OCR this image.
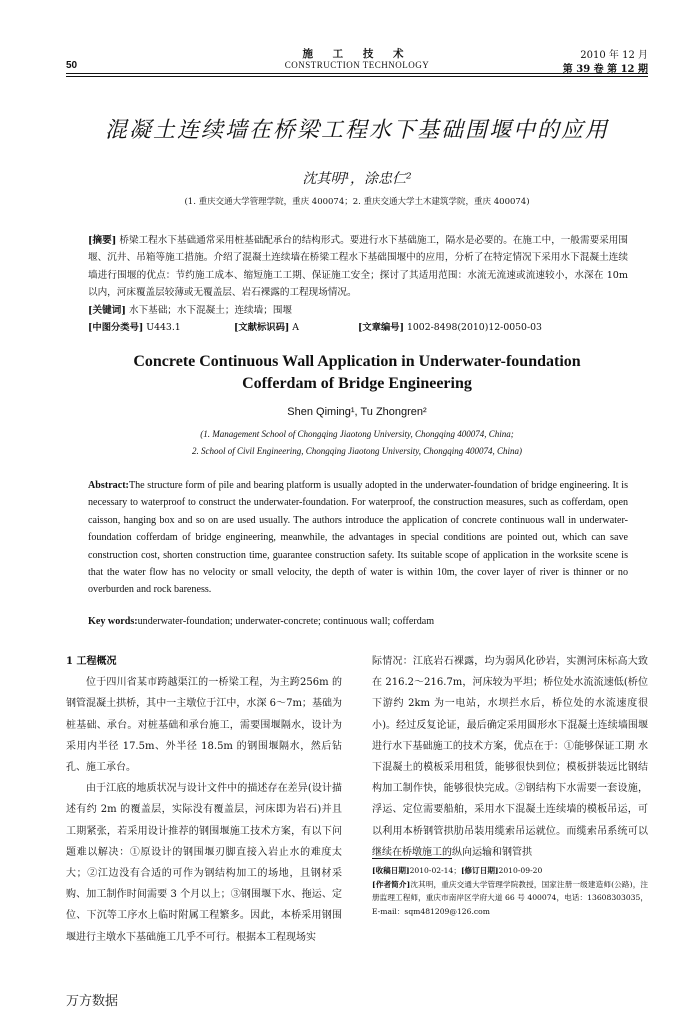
50
施 工 技 术
CONSTRUCTION TECHNOLOGY
2010 年 12 月
第 39 卷 第 12 期
混凝土连续墙在桥梁工程水下基础围堰中的应用
沈其明¹，涂忠仁²
(1. 重庆交通大学管理学院，重庆 400074；2. 重庆交通大学土木建筑学院，重庆 400074)
[摘要] 桥梁工程水下基础通常采用桩基础配承台的结构形式。要进行水下基础施工，隔水是必要的。在施工中，一般需要采用围堰、沉井、吊箱等施工措施。介绍了混凝土连续墙在桥梁工程水下基础围堰中的应用，分析了在特定情况下采用水下混凝土连续墙进行围堰的优点：节约施工成本、缩短施工工期、保证施工安全；探讨了其适用范围：水流无流速或流速较小，水深在 10m 以内，河床覆盖层较薄或无覆盖层、岩石裸露的工程现场情况。
[关键词] 水下基础；水下混凝土；连续墙；围堰
[中图分类号] U443.1	[文献标识码] A	[文章编号] 1002-8498(2010)12-0050-03
Concrete Continuous Wall Application in Underwater-foundation
Cofferdam of Bridge Engineering
Shen Qiming¹, Tu Zhongren²
(1. Management School of Chongqing Jiaotong University, Chongqing 400074, China;
2. School of Civil Engineering, Chongqing Jiaotong University, Chongqing 400074, China)
Abstract:The structure form of pile and bearing platform is usually adopted in the underwater-foundation of bridge engineering. It is necessary to waterproof to construct the underwater-foundation. For waterproof, the construction measures, such as cofferdam, open caisson, hanging box and so on are used usually. The authors introduce the application of concrete continuous wall in underwater-foundation cofferdam of bridge engineering, meanwhile, the advantages in special conditions are pointed out, which can save construction cost, shorten construction time, guarantee construction safety. Its suitable scope of application in the worksite scene is that the water flow has no velocity or small velocity, the depth of water is within 10m, the cover layer of river is thinner or no overburden and rock bareness.
Key words:underwater-foundation; underwater-concrete; continuous wall; cofferdam
1 工程概况

位于四川省某市跨越渠江的一桥梁工程，为主跨256m 的钢管混凝土拱桥，其中一主墩位于江中，水深 6～7m；基础为桩基础、承台。对桩基础和承台施工，需要围堰隔水，设计为采用内半径 17.5m、外半径 18.5m 的钢围堰隔水，然后钻孔、施工承台。

由于江底的地质状况与设计文件中的描述存在差异(设计描述有约 2m 的覆盖层，实际没有覆盖层，河床即为岩石)并且工期紧张，若采用设计推荐的钢围堰施工技术方案，有以下问题难以解决：①原设计的钢围堰刃脚直接入岩止水的难度太大；②江边没有合适的可作为钢结构加工的场地，且钢材采购、加工制作时间需要 3 个月以上；③钢围堰下水、拖运、定位、下沉等工序水上临时附属工程繁多。因此，本桥采用钢围堰进行主墩水下基础施工几乎不可行。根据本工程现场实

际情况：江底岩石裸露，均为弱风化砂岩，实测河床标高大致在 216.2～216.7m，河床较为平坦；桥位处水流流速低(桥位下游约 2km 为一电站，水坝拦水后，桥位处的水流速度很小)。经过反复论证，最后确定采用圆形水下混凝土连续墙围堰进行水下基础施工的技术方案，优点在于：①能够保证工期 水下混凝土的模板采用租赁，能够很快到位；模板拼装远比钢结构加工制作快，能够很快完成。②钢结构下水需要一套设施，浮运、定位需要船舶，采用水下混凝土连续墙的模板吊运，可以利用本桥钢管拱肋吊装用缆索吊运就位。而缆索吊系统可以继续在桥墩施工的纵向运输和钢管拱

[收稿日期]2010-02-14；[修订日期]2010-09-20
[作者简介]沈其明，重庆交通大学管理学院教授，国家注册一级建造师(公路)，注册监理工程师，重庆市南岸区学府大道 66 号 400074，电话：13608303035，E-mail：sqm481209@126.com
万方数据
